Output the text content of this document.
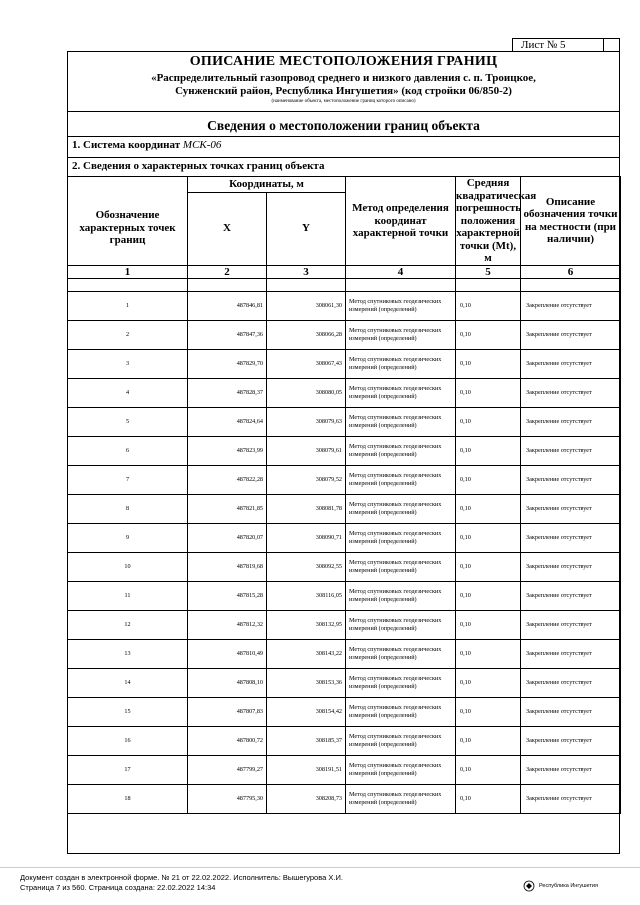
Лист № 5
ОПИСАНИЕ МЕСТОПОЛОЖЕНИЯ ГРАНИЦ
«Распределительный газопровод среднего и низкого давления с. п. Троицкое,
Сунженский район, Республика Ингушетия» (код стройки 06/850-2)
(наименование объекта, местоположение границ которого описано)
Сведения о местоположении границ объекта
1. Система координат МСК-06
2. Сведения о характерных точках границ объекта
Обозначение характерных точек границ	Координаты, м		Метод определения координат характерной точки	Средняя квадратическая погрешность положения характерной точки (Mt), м	Описание обозначения точки на местности (при наличии)
	X	Y			
1	2	3	4	5	6

1	487846,81	308061,30	Метод спутниковых геодезических измерений (определений)	0,10	Закрепление отсутствует
2	487847,36	308066,28	Метод спутниковых геодезических измерений (определений)	0,10	Закрепление отсутствует
3	487829,70	308067,43	Метод спутниковых геодезических измерений (определений)	0,10	Закрепление отсутствует
4	487828,37	308080,05	Метод спутниковых геодезических измерений (определений)	0,10	Закрепление отсутствует
5	487824,64	308079,63	Метод спутниковых геодезических измерений (определений)	0,10	Закрепление отсутствует
6	487823,99	308079,61	Метод спутниковых геодезических измерений (определений)	0,10	Закрепление отсутствует
7	487822,28	308079,52	Метод спутниковых геодезических измерений (определений)	0,10	Закрепление отсутствует
8	487821,85	308081,78	Метод спутниковых геодезических измерений (определений)	0,10	Закрепление отсутствует
9	487820,07	308090,71	Метод спутниковых геодезических измерений (определений)	0,10	Закрепление отсутствует
10	487819,68	308092,55	Метод спутниковых геодезических измерений (определений)	0,10	Закрепление отсутствует
11	487815,28	308116,05	Метод спутниковых геодезических измерений (определений)	0,10	Закрепление отсутствует
12	487812,32	308132,95	Метод спутниковых геодезических измерений (определений)	0,10	Закрепление отсутствует
13	487810,49	308143,22	Метод спутниковых геодезических измерений (определений)	0,10	Закрепление отсутствует
14	487808,10	308153,36	Метод спутниковых геодезических измерений (определений)	0,10	Закрепление отсутствует
15	487807,83	308154,42	Метод спутниковых геодезических измерений (определений)	0,10	Закрепление отсутствует
16	487800,72	308185,37	Метод спутниковых геодезических измерений (определений)	0,10	Закрепление отсутствует
17	487799,27	308191,51	Метод спутниковых геодезических измерений (определений)	0,10	Закрепление отсутствует
18	487795,30	308208,73	Метод спутниковых геодезических измерений (определений)	0,10	Закрепление отсутствует
Документ создан в электронной форме. № 21 от 22.02.2022. Исполнитель: Вышегурова Х.И.
Страница 7 из 560. Страница создана: 22.02.2022 14:34	Республика Ингушетия
